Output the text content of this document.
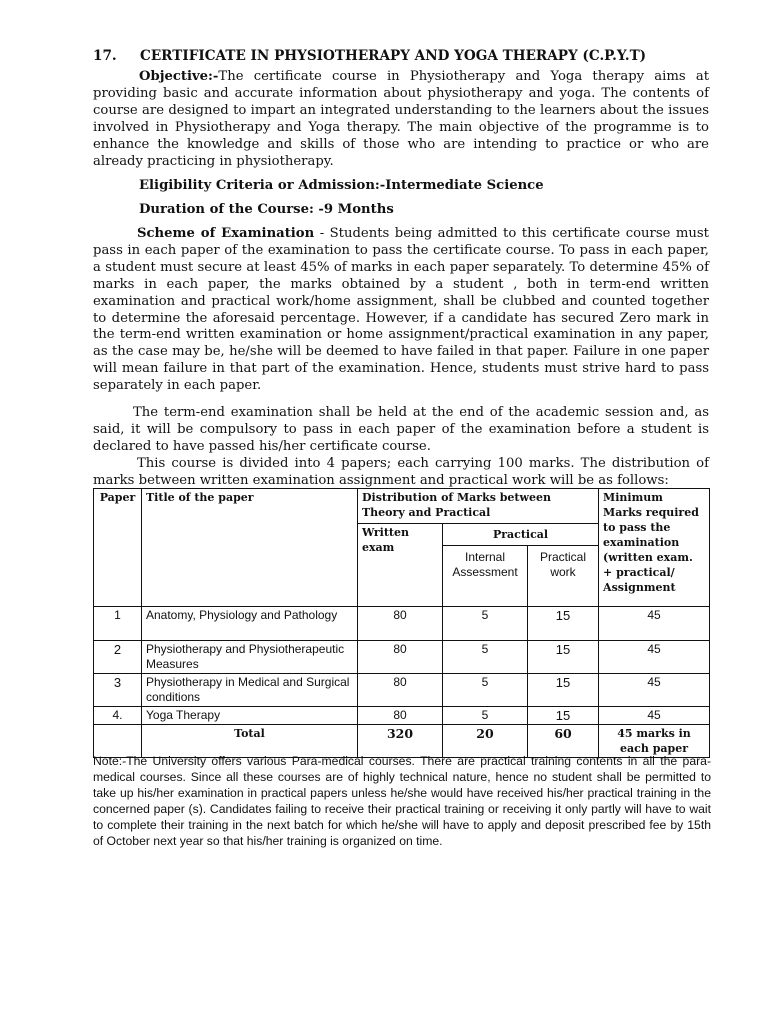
17. CERTIFICATE IN PHYSIOTHERAPY AND YOGA THERAPY (C.P.Y.T)
Objective:-The certificate course in Physiotherapy and Yoga therapy aims at providing basic and accurate information about physiotherapy and yoga. The contents of course are designed to impart an integrated understanding to the learners about the issues involved in Physiotherapy and Yoga therapy. The main objective of the programme is to enhance the knowledge and skills of those who are intending to practice or who are already practicing in physiotherapy.
Eligibility Criteria or Admission:-Intermediate Science
Duration of the Course: -9 Months
Scheme of Examination - Students being admitted to this certificate course must pass in each paper of the examination to pass the certificate course. To pass in each paper, a student must secure at least 45% of marks in each paper separately. To determine 45% of marks in each paper, the marks obtained by a student , both in term-end written examination and practical work/home assignment, shall be clubbed and counted together to determine the aforesaid percentage. However, if a candidate has secured Zero mark in the term-end written examination or home assignment/practical examination in any paper, as the case may be, he/she will be deemed to have failed in that paper. Failure in one paper will mean failure in that part of the examination. Hence, students must strive hard to pass separately in each paper.
The term-end examination shall be held at the end of the academic session and, as said, it will be compulsory to pass in each paper of the examination before a student is declared to have passed his/her certificate course.
This course is divided into 4 papers; each carrying 100 marks. The distribution of marks between written examination assignment and practical work will be as follows:
Paper	Title of the paper	Distribution of Marks between Theory and Practical			Minimum Marks required to pass the examination (written exam. + practical/ Assignment
		Written exam	Practical		
			Internal Assessment	Practical work	
1	Anatomy, Physiology and Pathology	80	5	15	45
2	Physiotherapy and Physiotherapeutic Measures	80	5	15	45
3	Physiotherapy in Medical and Surgical conditions	80	5	15	45
4.	Yoga Therapy	80	5	15	45
	Total	320	20	60	45 marks in each paper
Note:-The University offers various Para-medical courses. There are practical training contents in all the para-medical courses. Since all these courses are of highly technical nature, hence no student shall be permitted to take up his/her examination in practical papers unless he/she would have received his/her practical training in the concerned paper (s). Candidates failing to receive their practical training or receiving it only partly will have to wait to complete their training in the next batch for which he/she will have to apply and deposit prescribed fee by 15th of October next year so that his/her training is organized on time.
